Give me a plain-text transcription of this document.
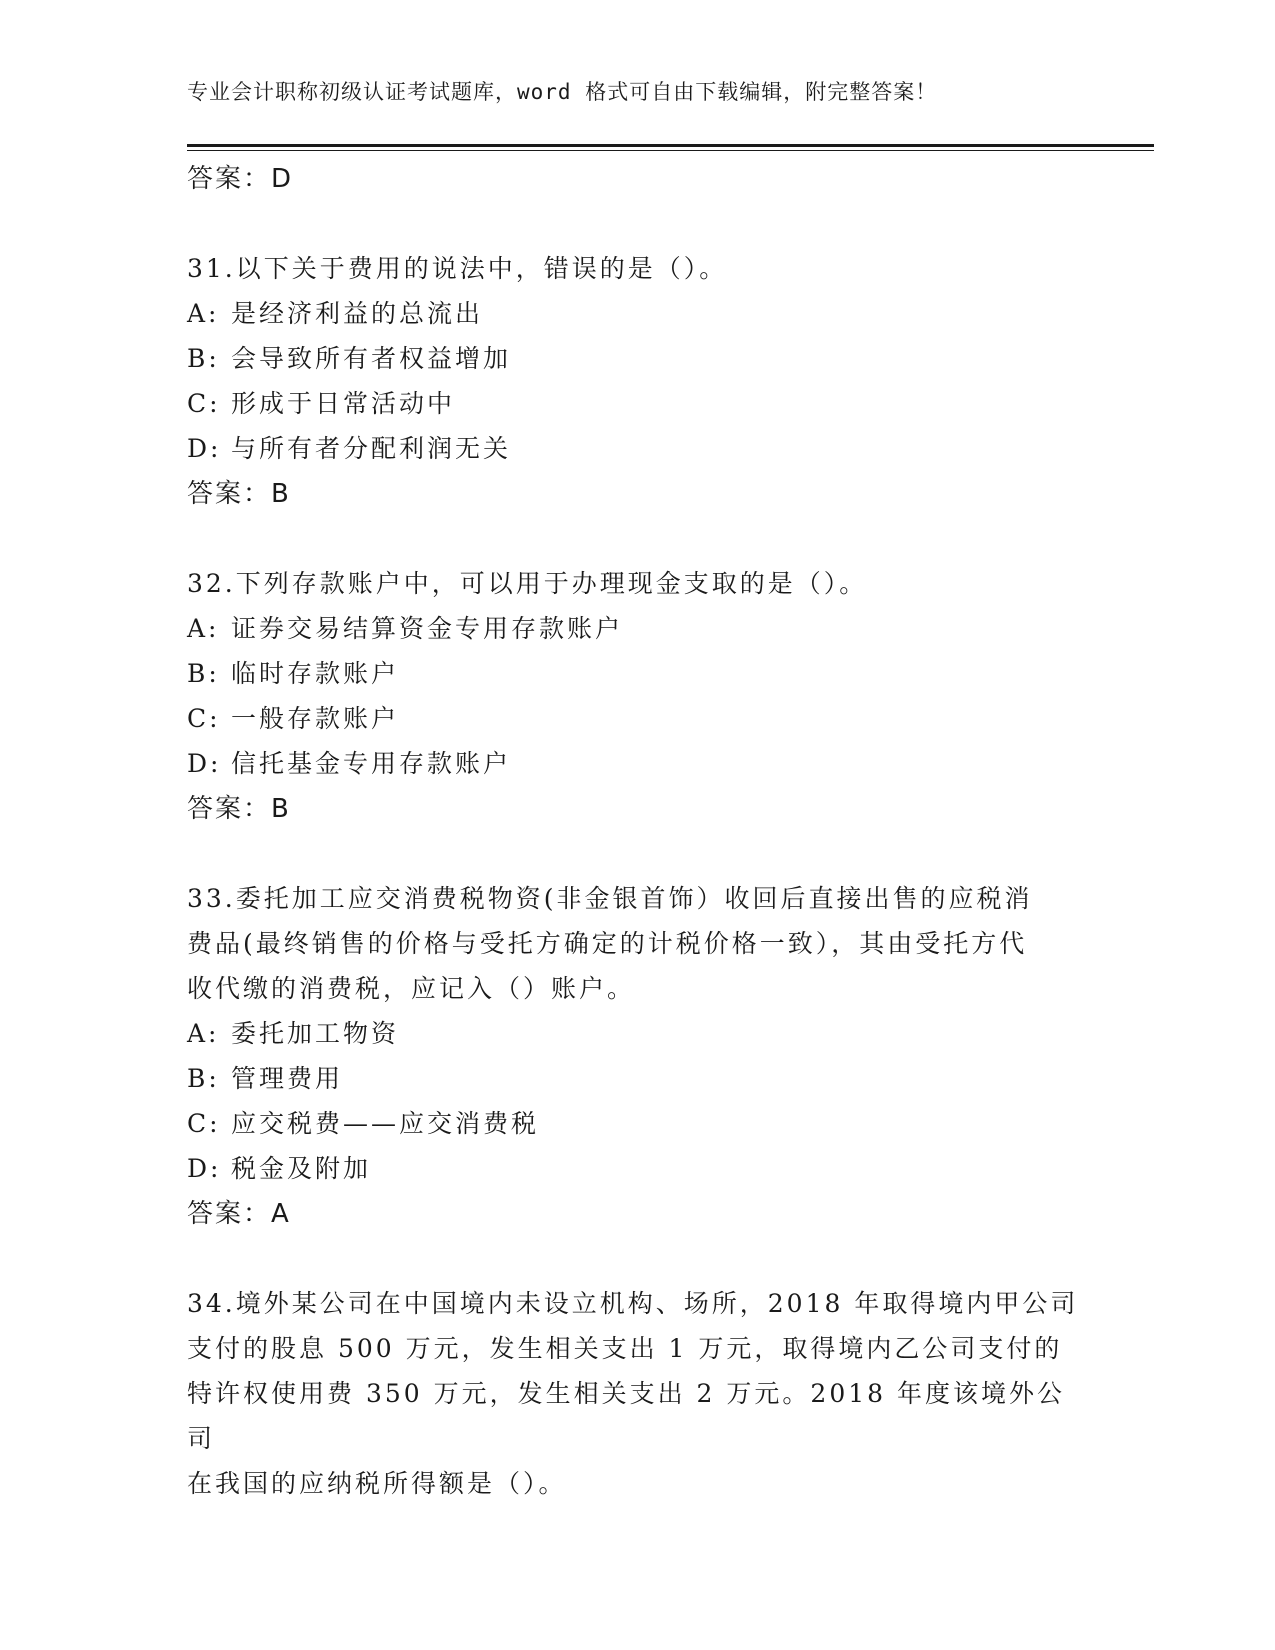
专业会计职称初级认证考试题库，word 格式可自由下载编辑，附完整答案！
答案：D
31.以下关于费用的说法中，错误的是（）。
A: 是经济利益的总流出
B: 会导致所有者权益增加
C: 形成于日常活动中
D: 与所有者分配利润无关
答案：B
32.下列存款账户中，可以用于办理现金支取的是（）。
A: 证券交易结算资金专用存款账户
B: 临时存款账户
C: 一般存款账户
D: 信托基金专用存款账户
答案：B
33.委托加工应交消费税物资(非金银首饰）收回后直接出售的应税消
费品(最终销售的价格与受托方确定的计税价格一致），其由受托方代
收代缴的消费税，应记入（）账户。
A: 委托加工物资
B: 管理费用
C: 应交税费——应交消费税
D: 税金及附加
答案：A
34.境外某公司在中国境内未设立机构、场所，2018 年取得境内甲公司
支付的股息 500 万元，发生相关支出 1 万元，取得境内乙公司支付的
特许权使用费 350 万元，发生相关支出 2 万元。2018 年度该境外公司
在我国的应纳税所得额是（）。
